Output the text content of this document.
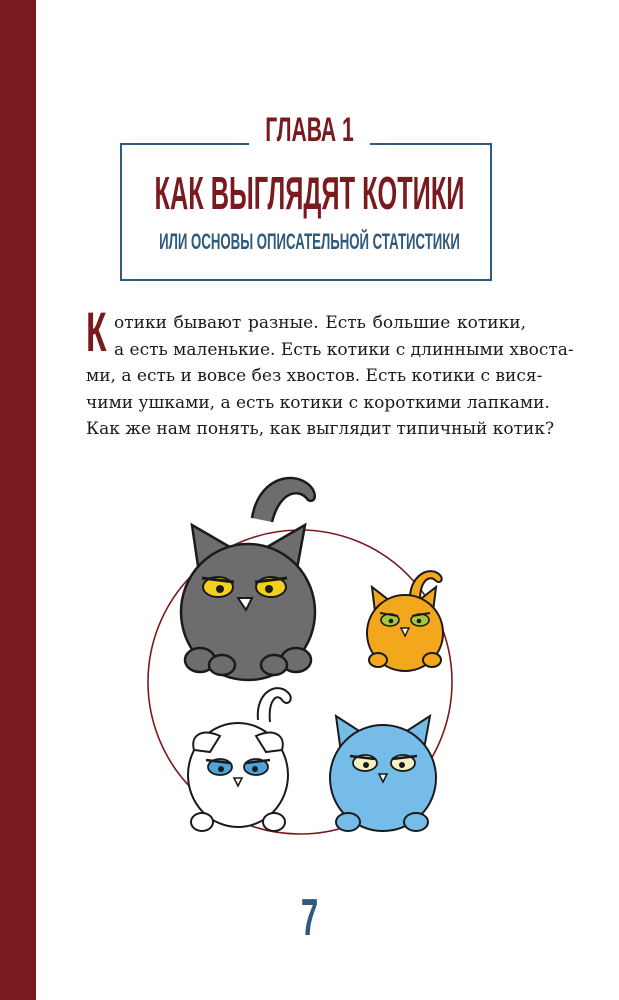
ГЛАВА 1
КАК ВЫГЛЯДЯТ КОТИКИ
ИЛИ ОСНОВЫ ОПИСАТЕЛЬНОЙ СТАТИСТИКИ
К отики бывают разные. Есть большие котики,
а есть маленькие. Есть котики с длинными хвоста-
ми, а есть и вовсе без хвостов. Есть котики с вися-
чими ушками, а есть котики с короткими лапками.
Как же нам понять, как выглядит типичный котик?
7
